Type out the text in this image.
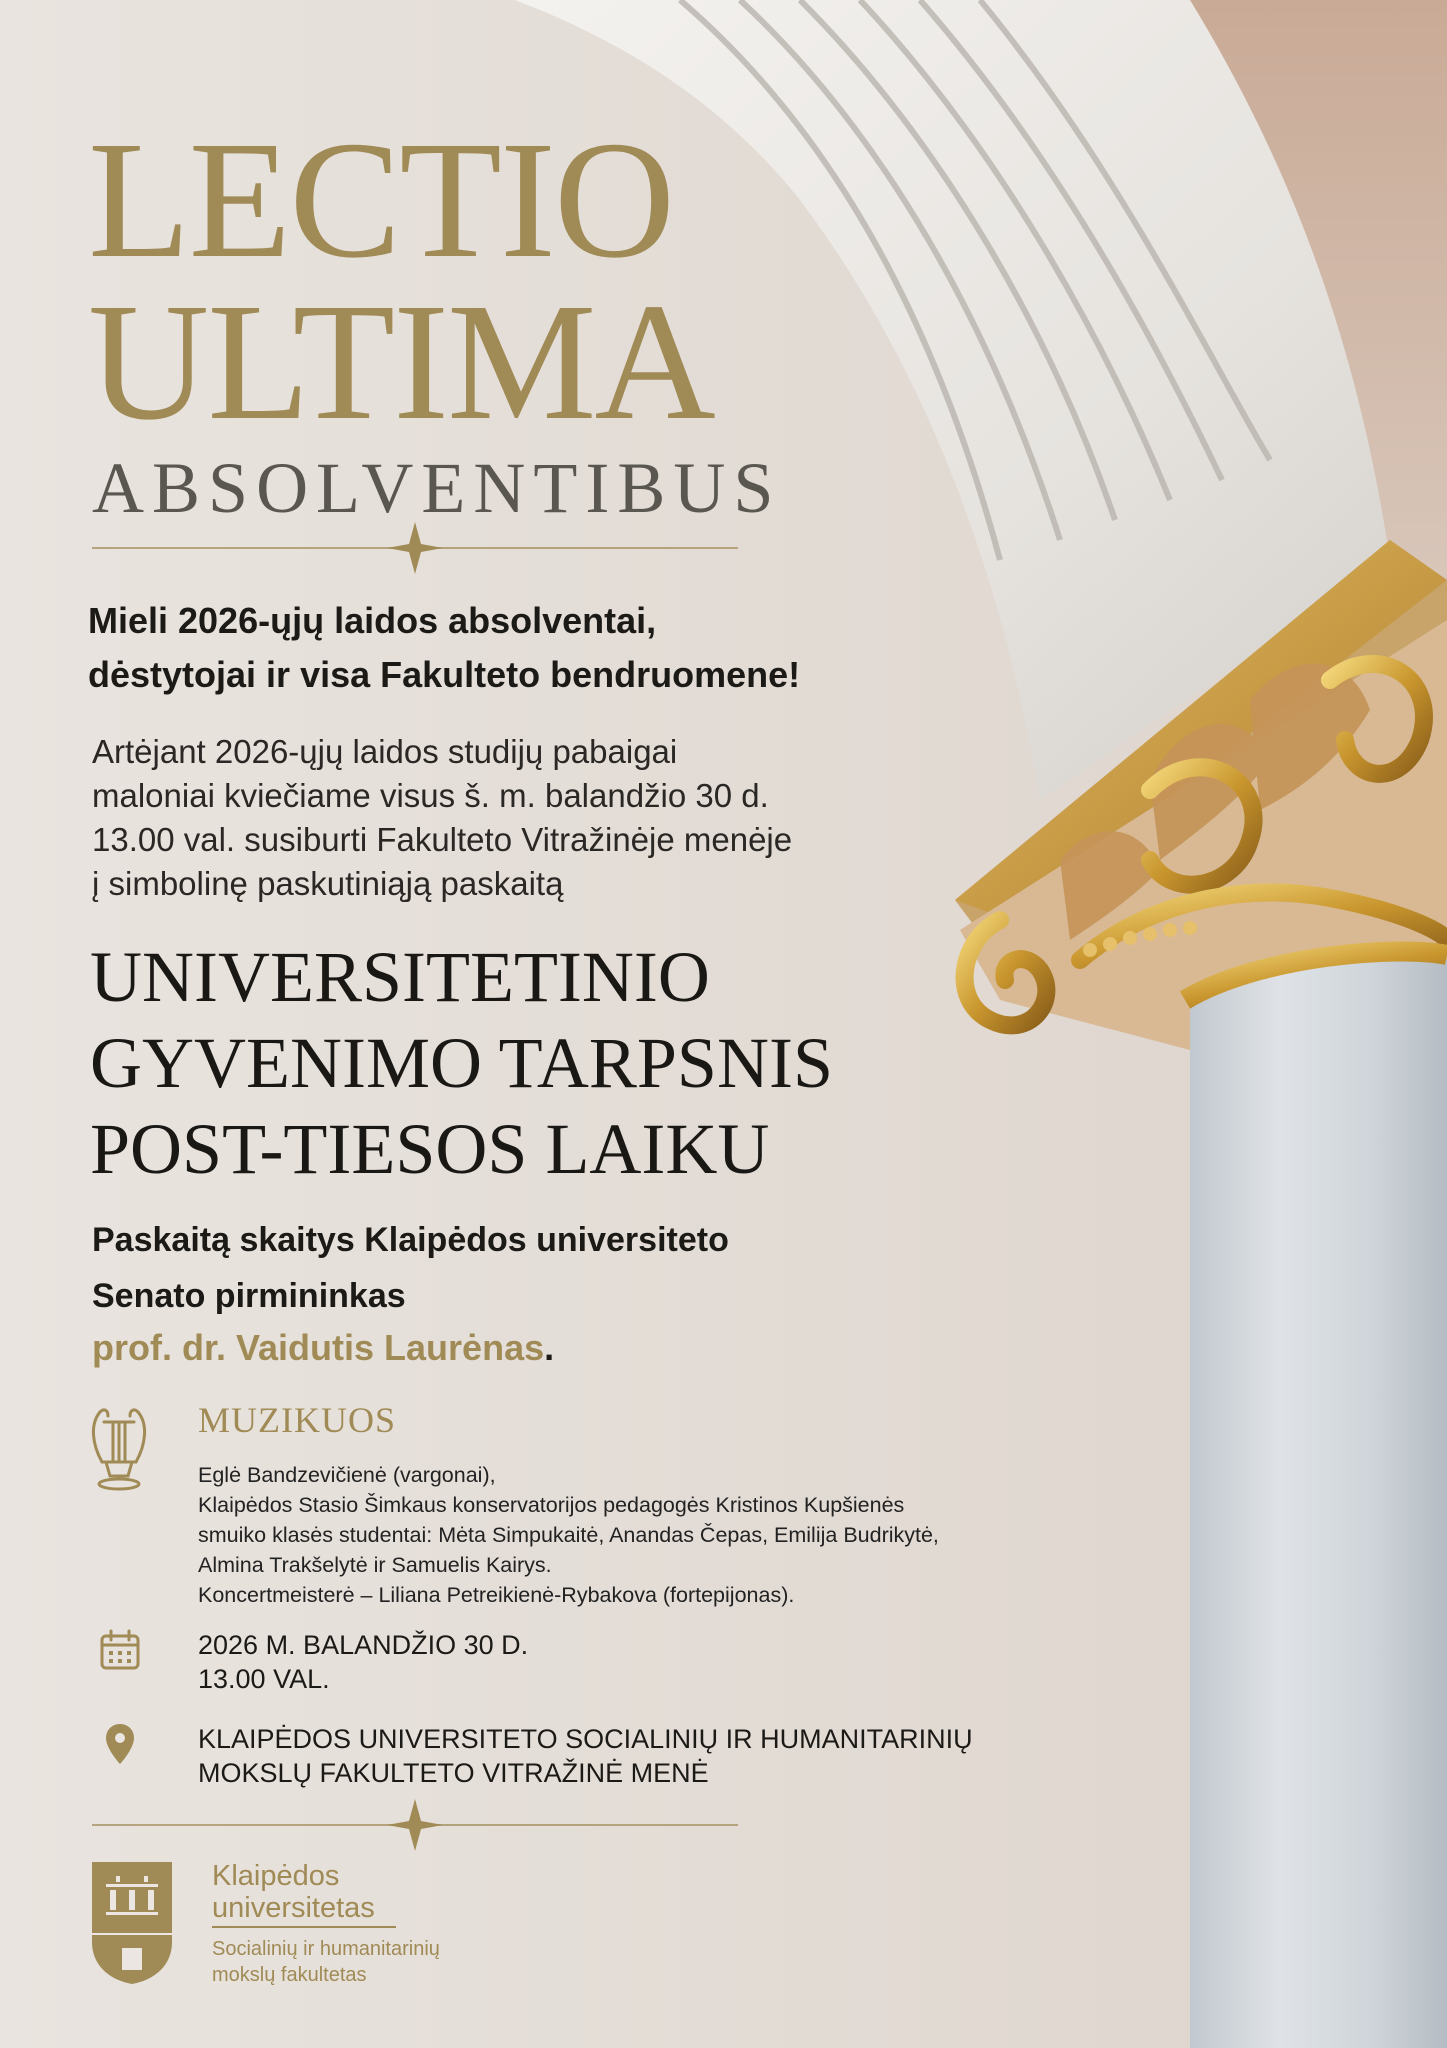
LECTIO
ULTIMA
ABSOLVENTIBUS
Mieli 2026-ųjų laidos absolventai,
dėstytojai ir visa Fakulteto bendruomene!
Artėjant 2026-ųjų laidos studijų pabaigai
maloniai kviečiame visus š. m. balandžio 30 d.
13.00 val. susiburti Fakulteto Vitražinėje menėje
į simbolinę paskutiniąją paskaitą
UNIVERSITETINIO
GYVENIMO TARPSNIS
POST-TIESOS LAIKU
Paskaitą skaitys Klaipėdos universiteto
Senato pirmininkas
prof. dr. Vaidutis Laurėnas.
MUZIKUOS
Eglė Bandzevičienė (vargonai),
Klaipėdos Stasio Šimkaus konservatorijos pedagogės Kristinos Kupšienės
smuiko klasės studentai: Mėta Simpukaitė, Anandas Čepas, Emilija Budrikytė,
Almina Trakšelytė ir Samuelis Kairys.
Koncertmeisterė – Liliana Petreikienė-Rybakova (fortepijonas).
2026 M. BALANDŽIO 30 D.
13.00 VAL.
KLAIPĖDOS UNIVERSITETO SOCIALINIŲ IR HUMANITARINIŲ
MOKSLŲ FAKULTETO VITRAŽINĖ MENĖ
Klaipėdos
universitetas
Socialinių ir humanitarinių
mokslų fakultetas
